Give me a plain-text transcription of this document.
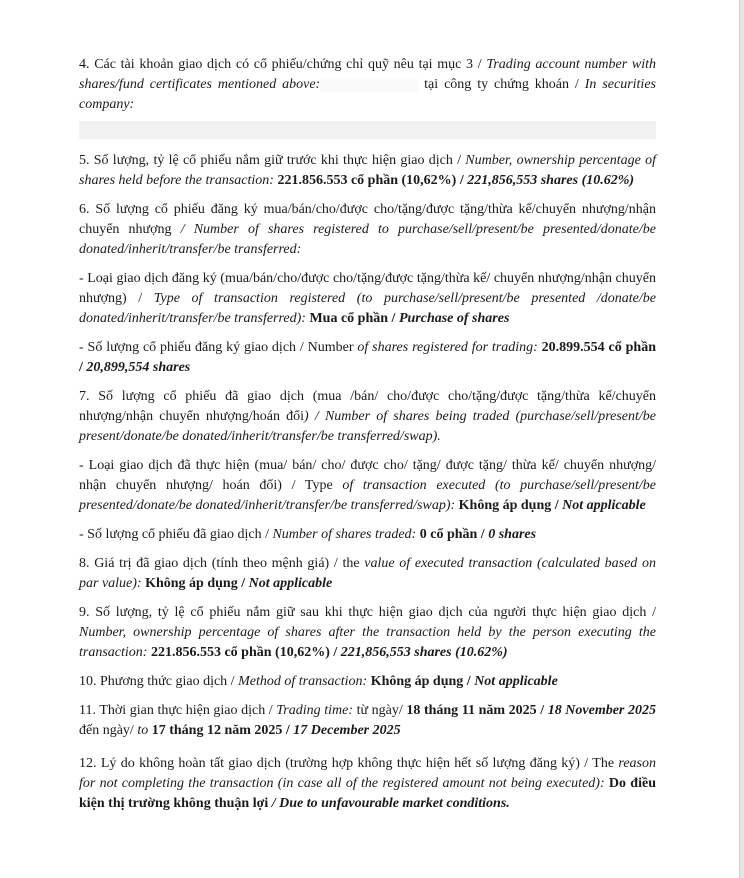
4. Các tài khoản giao dịch có cổ phiếu/chứng chỉ quỹ nêu tại mục 3 / Trading account number with shares/fund certificates mentioned above:	tại công ty chứng khoán / In securities company:

5. Số lượng, tỷ lệ cổ phiếu nắm giữ trước khi thực hiện giao dịch / Number, ownership percentage of shares held before the transaction: 221.856.553 cổ phần (10,62%) / 221,856,553 shares (10.62%)

6. Số lượng cổ phiếu đăng ký mua/bán/cho/được cho/tặng/được tặng/thừa kế/chuyển nhượng/nhận chuyển nhượng / Number of shares registered to purchase/sell/present/be presented/donate/be donated/inherit/transfer/be transferred:

- Loại giao dịch đăng ký (mua/bán/cho/được cho/tặng/được tặng/thừa kế/ chuyển nhượng/nhận chuyển nhượng) / Type of transaction registered (to purchase/sell/present/be presented /donate/be donated/inherit/transfer/be transferred): Mua cổ phần / Purchase of shares

- Số lượng cổ phiếu đăng ký giao dịch / Number of shares registered for trading: 20.899.554 cổ phần / 20,899,554 shares

7. Số lượng cổ phiếu đã giao dịch (mua /bán/ cho/được cho/tặng/được tặng/thừa kế/chuyển nhượng/nhận chuyển nhượng/hoán đổi) / Number of shares being traded (purchase/sell/present/be present/donate/be donated/inherit/transfer/be transferred/swap).

- Loại giao dịch đã thực hiện (mua/ bán/ cho/ được cho/ tặng/ được tặng/ thừa kế/ chuyển nhượng/ nhận chuyển nhượng/ hoán đổi) / Type of transaction executed (to purchase/sell/present/be presented/donate/be donated/inherit/transfer/be transferred/swap): Không áp dụng / Not applicable

- Số lượng cổ phiếu đã giao dịch / Number of shares traded: 0 cổ phần / 0 shares

8. Giá trị đã giao dịch (tính theo mệnh giá) / the value of executed transaction (calculated based on par value): Không áp dụng / Not applicable

9. Số lượng, tỷ lệ cổ phiếu nắm giữ sau khi thực hiện giao dịch của người thực hiện giao dịch / Number, ownership percentage of shares after the transaction held by the person executing the transaction: 221.856.553 cổ phần (10,62%) / 221,856,553 shares (10.62%)

10. Phương thức giao dịch / Method of transaction: Không áp dụng / Not applicable

11. Thời gian thực hiện giao dịch / Trading time: từ ngày/ 18 tháng 11 năm 2025 / 18 November 2025 đến ngày/ to 17 tháng 12 năm 2025 / 17 December 2025

12. Lý do không hoàn tất giao dịch (trường hợp không thực hiện hết số lượng đăng ký) / The reason for not completing the transaction (in case all of the registered amount not being executed): Do điều kiện thị trường không thuận lợi / Due to unfavourable market conditions.
